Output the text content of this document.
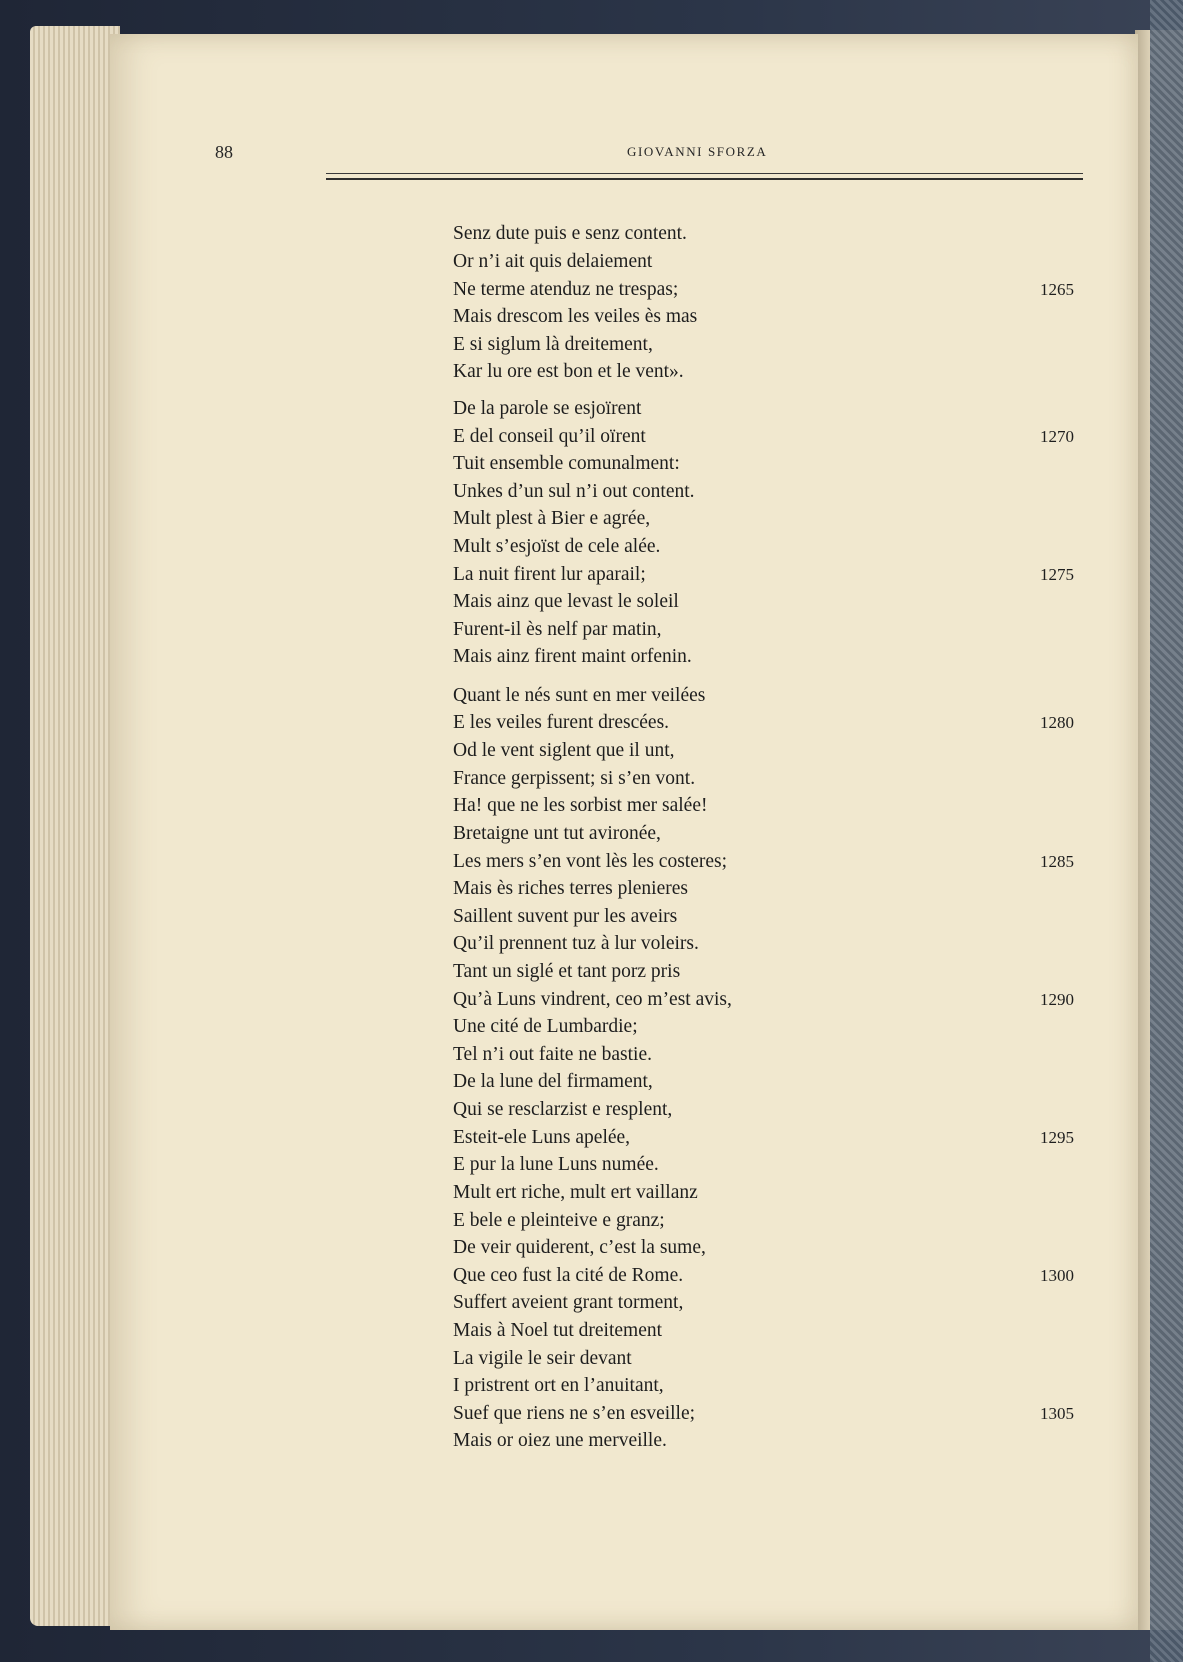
88	GIOVANNI SFORZA
Senz dute puis e senz content.
Or n’i ait quis delaiement
Ne terme atenduz ne trespas;
Mais drescom les veiles ès mas
E si siglum là dreitement,
Kar lu ore est bon et le vent».
De la parole se esjoïrent
E del conseil qu’il oïrent
Tuit ensemble comunalment:
Unkes d’un sul n’i out content.
Mult plest à Bier e agrée,
Mult s’esjoïst de cele alée.
La nuit firent lur aparail;
Mais ainz que levast le soleil
Furent-il ès nelf par matin,
Mais ainz firent maint orfenin.
Quant le nés sunt en mer veilées
E les veiles furent drescées.
Od le vent siglent que il unt,
France gerpissent; si s’en vont.
Ha! que ne les sorbist mer salée!
Bretaigne unt tut avironée,
Les mers s’en vont lès les costeres;
Mais ès riches terres plenieres
Saillent suvent pur les aveirs
Qu’il prennent tuz à lur voleirs.
Tant un siglé et tant porz pris
Qu’à Luns vindrent, ceo m’est avis,
Une cité de Lumbardie;
Tel n’i out faite ne bastie.
De la lune del firmament,
Qui se resclarzist e resplent,
Esteit-ele Luns apelée,
E pur la lune Luns numée.
Mult ert riche, mult ert vaillanz
E bele e pleinteive e granz;
De veir quiderent, c’est la sume,
Que ceo fust la cité de Rome.
Suffert aveient grant torment,
Mais à Noel tut dreitement
La vigile le seir devant
I pristrent ort en l’anuitant,
Suef que riens ne s’en esveille;
Mais or oiez une merveille.
1265
1270
1275
1280
1285
1290
1295
1300
1305
